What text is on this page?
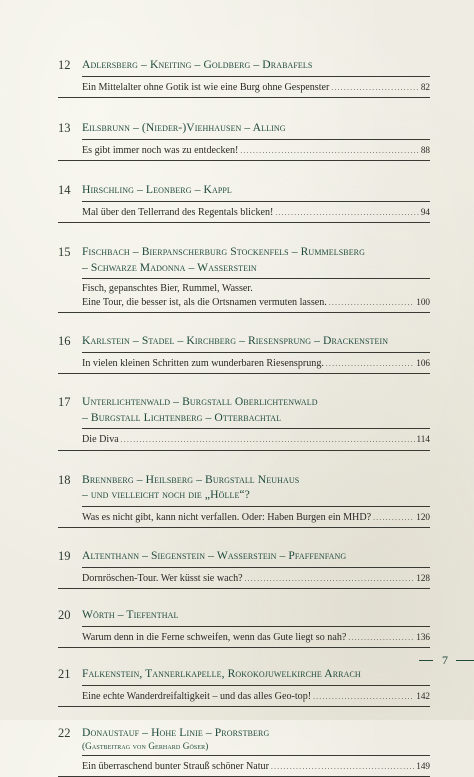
12 Adlersberg – Kneiting – Goldberg – Drabafels
Ein Mittelalter ohne Gotik ist wie eine Burg ohne Gespenster .....	82
13 Eilsbrunn – (Nieder-)Viehhausen – Alling
Es gibt immer noch was zu entdecken! .....	88
14 Hirschling – Leonberg – Kappl
Mal über den Tellerrand des Regentals blicken! .....	94
15 Fischbach – Bierpanscherburg Stockenfels – Rummelsberg
– Schwarze Madonna – Wasserstein
Fisch, gepanschtes Bier, Rummel, Wasser.
Eine Tour, die besser ist, als die Ortsnamen vermuten lassen. .....	100
16 Karlstein – Stadel – Kirchberg – Riesensprung – Drackenstein
In vielen kleinen Schritten zum wunderbaren Riesensprung. .....	106
17 Unterlichtenwald – Burgstall Oberlichtenwald
– Burgstall Lichtenberg – Otterbachtal
Die Diva .....	114
18 Brennberg – Heilsberg – Burgstall Neuhaus
– und vielleicht noch die „Hölle“?
Was es nicht gibt, kann nicht verfallen. Oder: Haben Burgen ein MHD? .....	120
19 Altenthann – Siegenstein – Wasserstein – Pfaffenfang
Dornröschen-Tour. Wer küsst sie wach? .....	128
20 Wörth – Tiefenthal
Warum denn in die Ferne schweifen, wenn das Gute liegt so nah? .....	136
21 Falkenstein, Tannerlkapelle, Rokokojuwelkirche Arrach
Eine echte Wanderdreifaltigkeit – und das alles Geo-top! .....	142
22 Donaustauf – Hohe Linie – Prorstberg
(Gastbeitrag von Gerhard Göser)
Ein überraschend bunter Strauß schöner Natur .....	149
7
